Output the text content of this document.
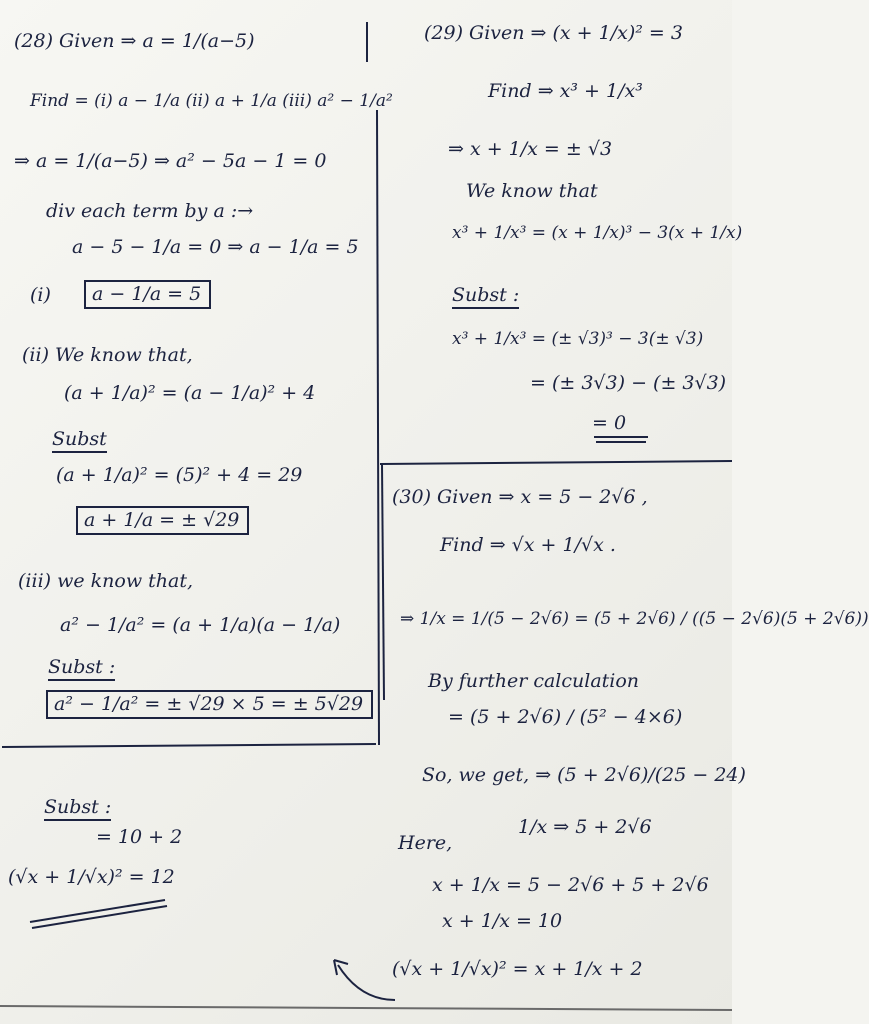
(28) Given ⇒ a = 1/(a−5)
Find = (i) a − 1/a (ii) a + 1/a (iii) a² − 1/a²
⇒ a = 1/(a−5) ⇒ a² − 5a − 1 = 0
div each term by a :→
a − 5 − 1/a = 0 ⇒ a − 1/a = 5
(i)	a − 1/a = 5
(ii) We know that,
(a + 1/a)² = (a − 1/a)² + 4
Subst
(a + 1/a)² = (5)² + 4 = 29
a + 1/a = ± √29
(iii) we know that,
a² − 1/a² = (a + 1/a)(a − 1/a)
Subst :
a² − 1/a² = ± √29 × 5 = ± 5√29
(29) Given ⇒ (x + 1/x)² = 3
Find ⇒ x³ + 1/x³
⇒ x + 1/x = ± √3
We know that
x³ + 1/x³ = (x + 1/x)³ − 3(x + 1/x)
Subst :
x³ + 1/x³ = (± √3)³ − 3(± √3)
= (± 3√3) − (± 3√3)
= 0
(30) Given ⇒ x = 5 − 2√6 ,
Find ⇒ √x + 1/√x .
⇒ 1/x = 1/(5 − 2√6) = (5 + 2√6) / ((5 − 2√6)(5 + 2√6))
By further calculation
= (5 + 2√6) / (5² − 4×6)
So, we get, ⇒ (5 + 2√6)/(25 − 24)
1/x ⇒ 5 + 2√6
Here,
x + 1/x = 5 − 2√6 + 5 + 2√6
x + 1/x = 10
(√x + 1/√x)² = x + 1/x + 2
Subst :
= 10 + 2
(√x + 1/√x)² = 12
